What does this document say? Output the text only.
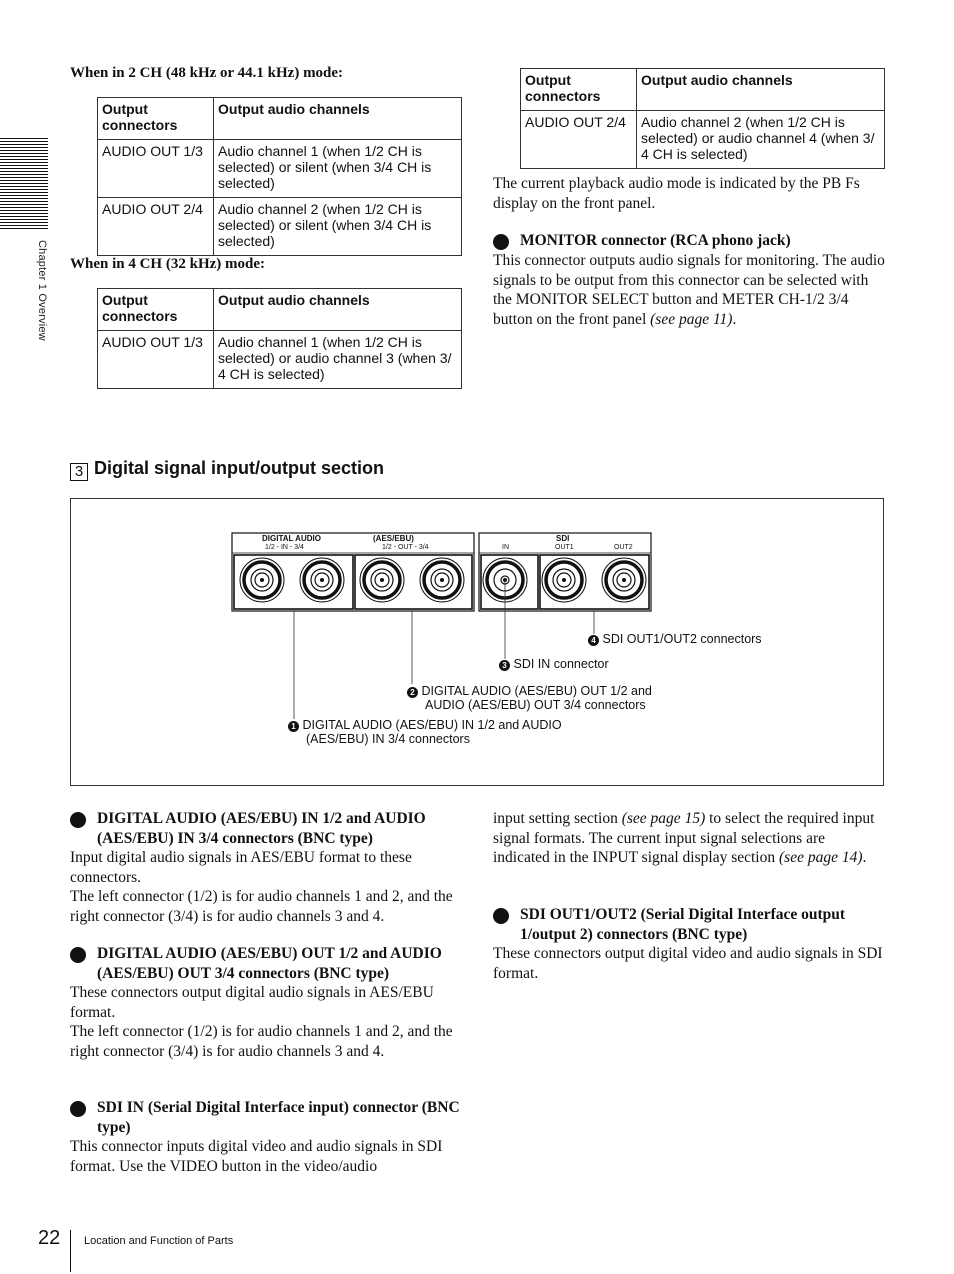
Chapter 1 Overview
When in 2 CH (48 kHz or 44.1 kHz) mode:
Output connectors	Output audio channels
AUDIO OUT 1/3	Audio channel 1 (when 1/2 CH is selected) or silent (when 3/4 CH is selected)
AUDIO OUT 2/4	Audio channel 2 (when 1/2 CH is selected) or silent (when 3/4 CH is selected)
When in 4 CH (32 kHz) mode:
Output connectors	Output audio channels
AUDIO OUT 1/3	Audio channel 1 (when 1/2 CH is selected) or audio channel 3 (when 3/ 4 CH is selected)
Output connectors	Output audio channels
AUDIO OUT 2/4	Audio channel 2 (when 1/2 CH is selected) or audio channel 4 (when 3/ 4 CH is selected)
The current playback audio mode is indicated by the PB Fs display on the front panel.
3	MONITOR connector (RCA phono jack)
This connector outputs audio signals for monitoring. The audio signals to be output from this connector can be selected with the MONITOR SELECT button and METER CH-1/2 3/4 button on the front panel (see page 11).
3 Digital signal input/output section
DIGITAL AUDIO	(AES/EBU)
1/2 - IN - 3/4	1/2 - OUT - 3/4
SDI
IN	OUT1	OUT2
4 SDI OUT1/OUT2 connectors
3 SDI IN connector
2 DIGITAL AUDIO (AES/EBU) OUT 1/2 and
AUDIO (AES/EBU) OUT 3/4 connectors
1 DIGITAL AUDIO (AES/EBU) IN 1/2 and AUDIO
(AES/EBU) IN 3/4 connectors
1	DIGITAL AUDIO (AES/EBU) IN 1/2 and AUDIO (AES/EBU) IN 3/4 connectors (BNC type)
Input digital audio signals in AES/EBU format to these connectors.
The left connector (1/2) is for audio channels 1 and 2, and the right connector (3/4) is for audio channels 3 and 4.
2	DIGITAL AUDIO (AES/EBU) OUT 1/2 and AUDIO (AES/EBU) OUT 3/4 connectors (BNC type)
These connectors output digital audio signals in AES/EBU format.
The left connector (1/2) is for audio channels 1 and 2, and the right connector (3/4) is for audio channels 3 and 4.
3	SDI IN (Serial Digital Interface input) connector (BNC type)
This connector inputs digital video and audio signals in SDI format. Use the VIDEO button in the video/audio
input setting section (see page 15) to select the required input signal formats. The current input signal selections are indicated in the INPUT signal display section (see page 14).
4	SDI OUT1/OUT2 (Serial Digital Interface output 1/output 2) connectors (BNC type)
These connectors output digital video and audio signals in SDI format.
22 Location and Function of Parts
